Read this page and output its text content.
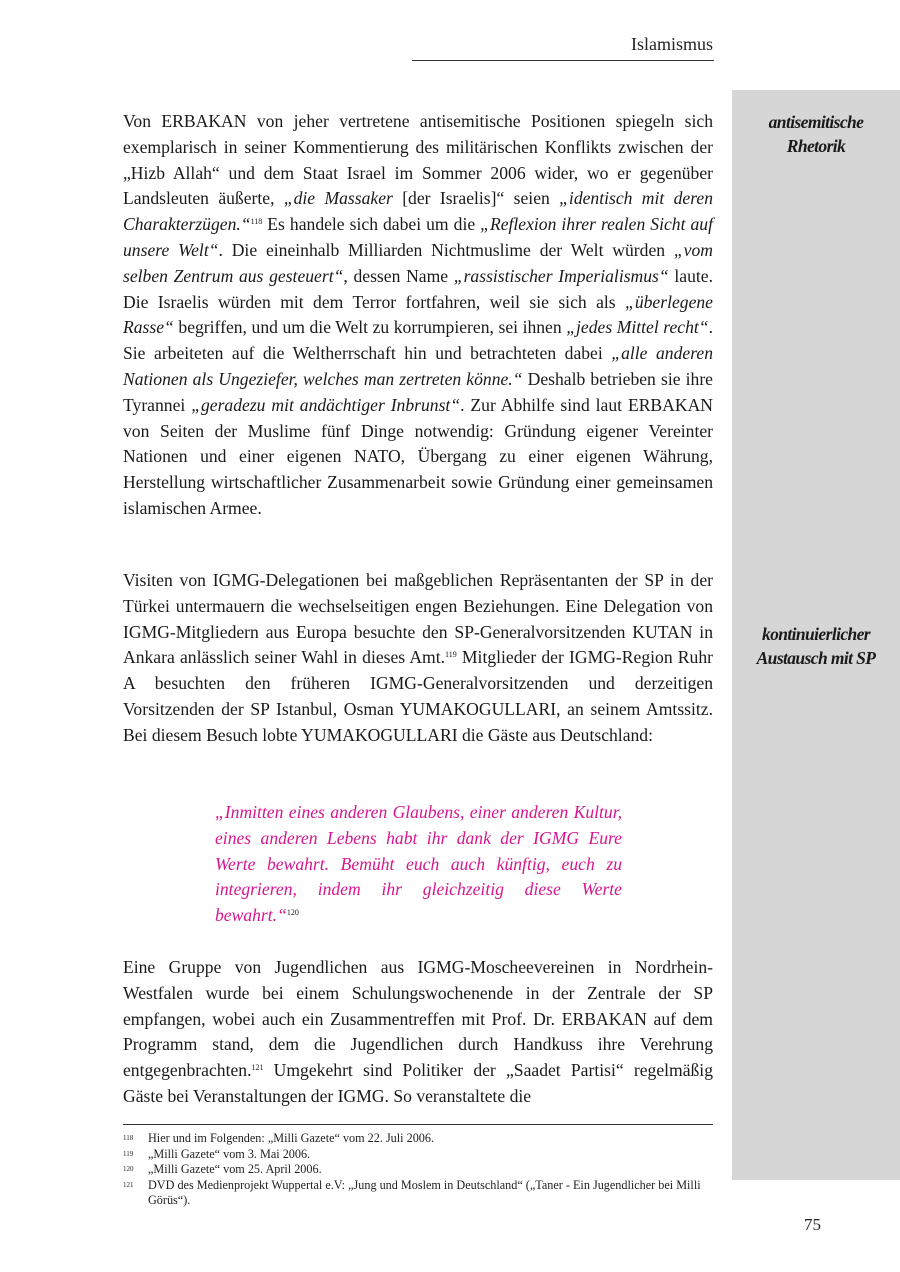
Islamismus
antisemitische
Rhetorik
kontinuierlicher
Austausch mit SP

Von ERBAKAN von jeher vertretene antisemitische Positionen spiegeln sich exemplarisch in seiner Kommentierung des militärischen Konflikts zwischen der „Hizb Allah“ und dem Staat Israel im Sommer 2006 wider, wo er gegenüber Landsleuten äußerte, „die Massaker [der Israelis]“ seien „identisch mit deren Charakterzügen.“$^{118}$ Es handele sich dabei um die „Reflexion ihrer realen Sicht auf unsere Welt“. Die eineinhalb Milliarden Nichtmuslime der Welt würden „vom selben Zentrum aus gesteuert“, dessen Name „rassistischer Imperialismus“ laute. Die Israelis würden mit dem Terror fortfahren, weil sie sich als „überlegene Rasse“ begriffen, und um die Welt zu korrumpieren, sei ihnen „jedes Mittel recht“. Sie arbeiteten auf die Weltherrschaft hin und betrachteten dabei „alle anderen Nationen als Ungeziefer, welches man zertreten könne.“ Deshalb betrieben sie ihre Tyrannei „geradezu mit andächtiger Inbrunst“. Zur Abhilfe sind laut ERBAKAN von Seiten der Muslime fünf Dinge notwendig: Gründung eigener Vereinter Nationen und einer eigenen NATO, Übergang zu einer eigenen Währung, Herstellung wirtschaftlicher Zusammenarbeit sowie Gründung einer gemeinsamen islamischen Armee.

Visiten von IGMG-Delegationen bei maßgeblichen Repräsentanten der SP in der Türkei untermauern die wechselseitigen engen Beziehungen. Eine Delegation von IGMG-Mitgliedern aus Europa besuchte den SP-Generalvorsitzenden KUTAN in Ankara anlässlich seiner Wahl in dieses Amt.$^{119}$ Mitglieder der IGMG-Region Ruhr A besuchten den früheren IGMG-Generalvorsitzenden und derzeitigen Vorsitzenden der SP Istanbul, Osman YUMAKOGULLARI, an seinem Amtssitz. Bei diesem Besuch lobte YUMAKOGULLARI die Gäste aus Deutschland:

„Inmitten eines anderen Glaubens, einer anderen Kultur, eines anderen Lebens habt ihr dank der IGMG Eure Werte bewahrt. Bemüht euch auch künftig, euch zu integrieren, indem ihr gleichzeitig diese Werte bewahrt.“$^{120}$

Eine Gruppe von Jugendlichen aus IGMG-Moscheevereinen in Nordrhein-Westfalen wurde bei einem Schulungswochenende in der Zentrale der SP empfangen, wobei auch ein Zusammentreffen mit Prof. Dr. ERBAKAN auf dem Programm stand, dem die Jugendlichen durch Handkuss ihre Verehrung entgegenbrachten.$^{121}$ Umgekehrt sind Politiker der „Saadet Partisi“ regelmäßig Gäste bei Veranstaltungen der IGMG. So veranstaltete die

118	Hier und im Folgenden: „Milli Gazete“ vom 22. Juli 2006.
119	„Milli Gazete“ vom 3. Mai 2006.
120	„Milli Gazete“ vom 25. April 2006.
121	DVD des Medienprojekt Wuppertal e.V: „Jung und Moslem in Deutschland“ („Taner - Ein Jugendlicher bei Milli Görüs“).
75
